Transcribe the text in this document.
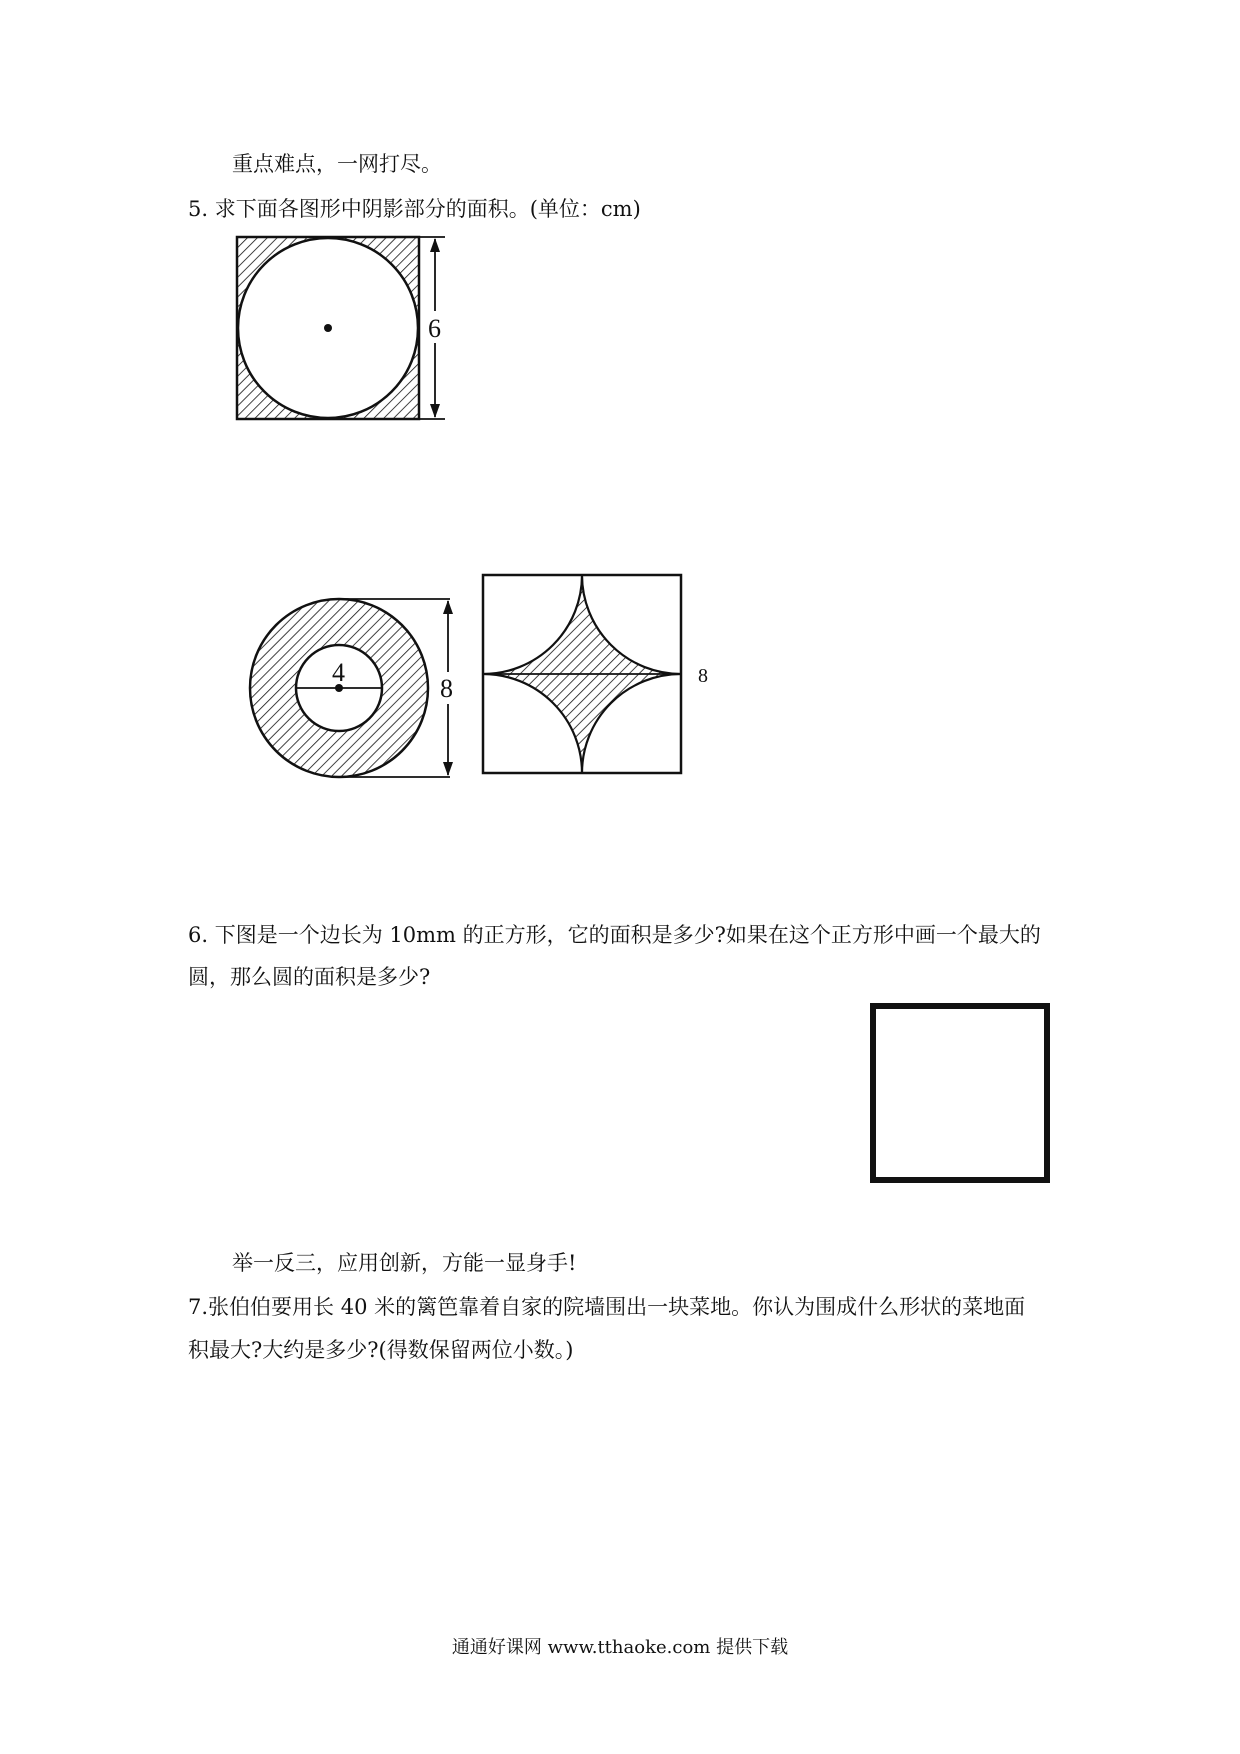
重点难点，一网打尽。
5. 求下面各图形中阴影部分的面积。(单位：cm)
6
4
8	8
6. 下图是一个边长为 10mm 的正方形，它的面积是多少?如果在这个正方形中画一个最大的
圆，那么圆的面积是多少?
举一反三，应用创新，方能一显身手!
7.张伯伯要用长 40 米的篱笆靠着自家的院墙围出一块菜地。你认为围成什么形状的菜地面
积最大?大约是多少?(得数保留两位小数。)
通通好课网 www.tthaoke.com 提供下载
